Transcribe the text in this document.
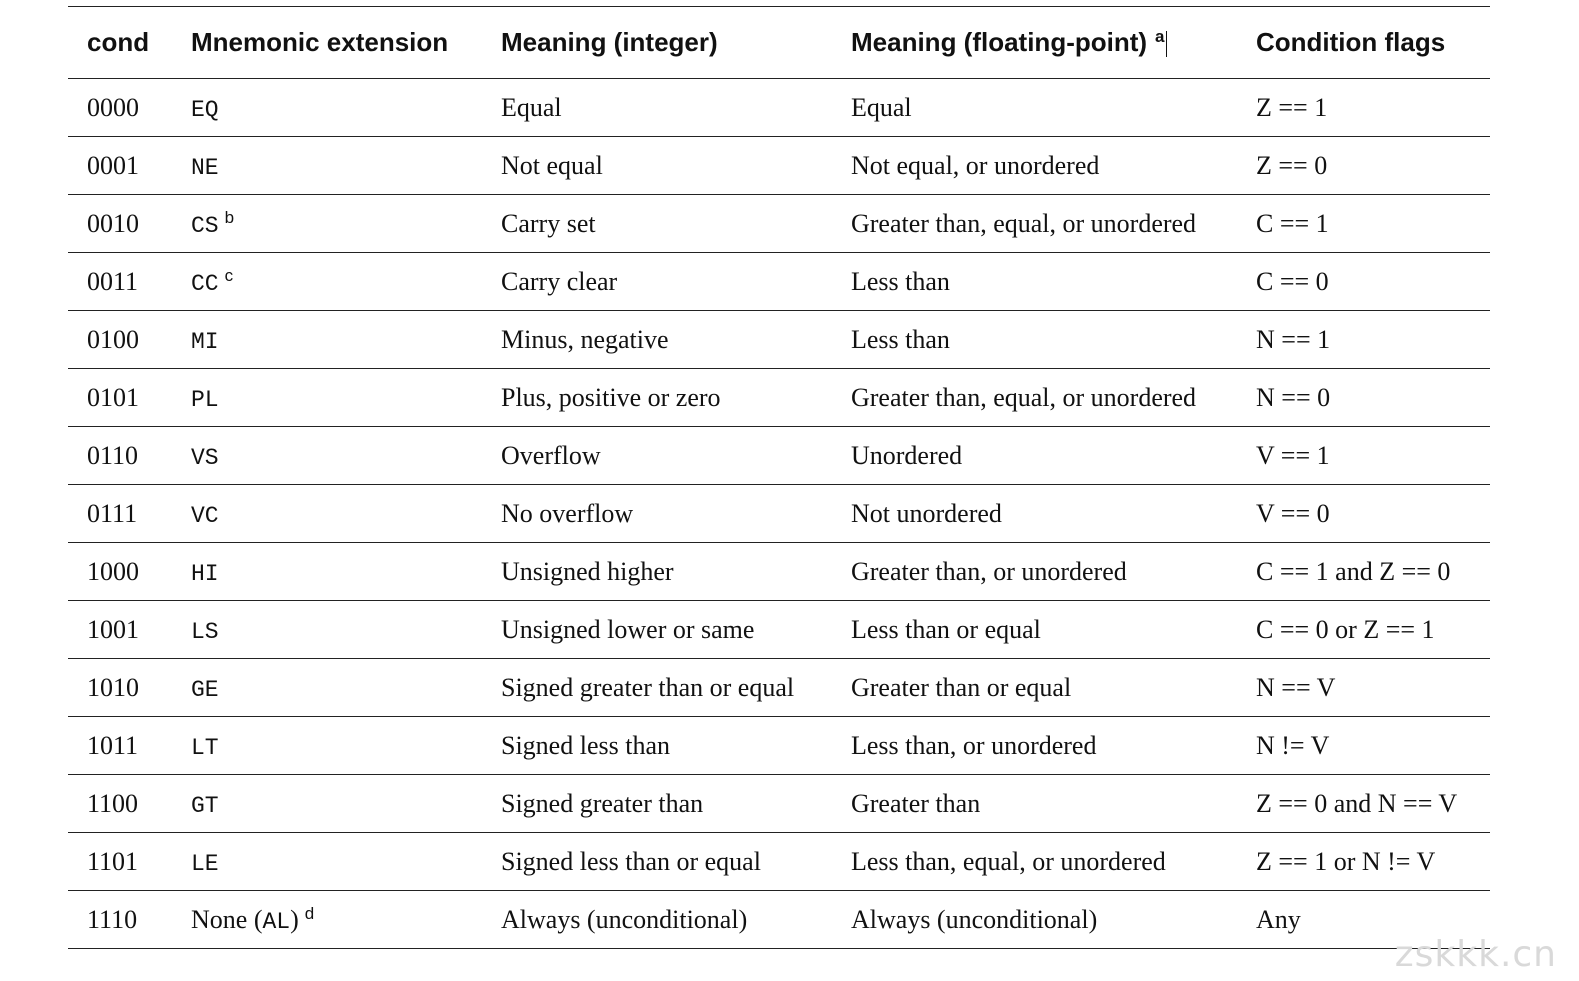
cond	Mnemonic extension	Meaning (integer)	Meaning (floating-point) $^a$	Condition flags
0000	EQ	Equal	Equal	Z == 1
0001	NE	Not equal	Not equal, or unordered	Z == 0
0010	CS $^b$	Carry set	Greater than, equal, or unordered	C == 1
0011	CC $^c$	Carry clear	Less than	C == 0
0100	MI	Minus, negative	Less than	N == 1
0101	PL	Plus, positive or zero	Greater than, equal, or unordered	N == 0
0110	VS	Overflow	Unordered	V == 1
0111	VC	No overflow	Not unordered	V == 0
1000	HI	Unsigned higher	Greater than, or unordered	C == 1 and Z == 0
1001	LS	Unsigned lower or same	Less than or equal	C == 0 or Z == 1
1010	GE	Signed greater than or equal	Greater than or equal	N == V
1011	LT	Signed less than	Less than, or unordered	N != V
1100	GT	Signed greater than	Greater than	Z == 0 and N == V
1101	LE	Signed less than or equal	Less than, equal, or unordered	Z == 1 or N != V
1110	None (AL) $^d$	Always (unconditional)	Always (unconditional)	Any
zskkk.cn
